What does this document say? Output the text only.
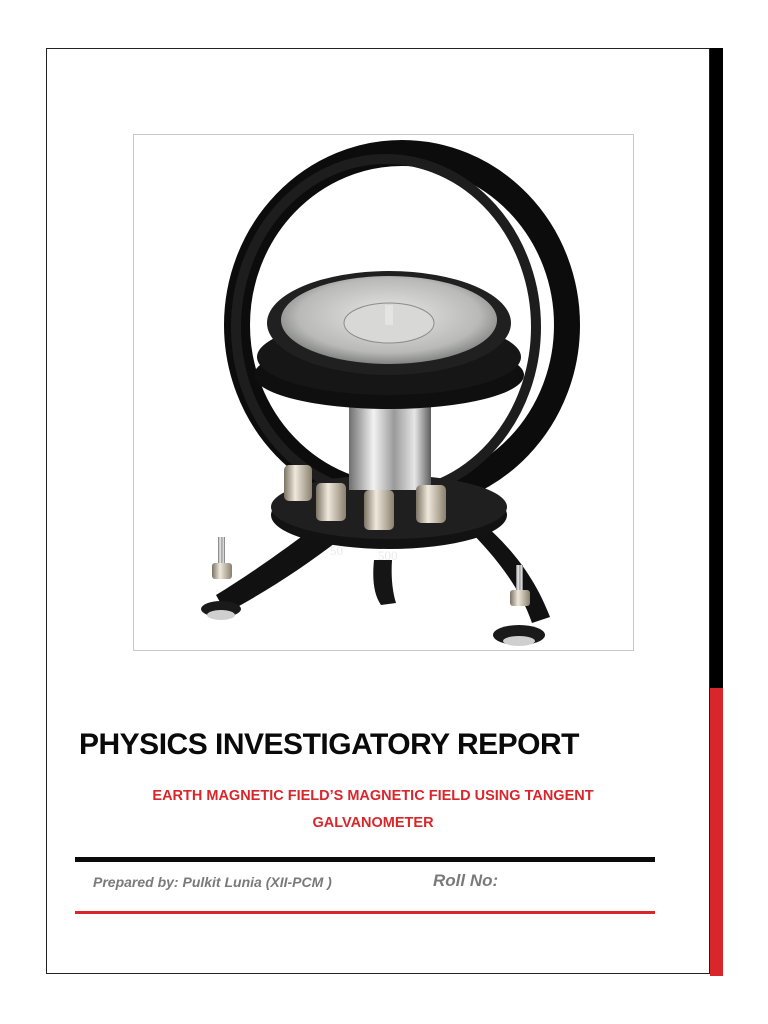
50	500
PHYSICS INVESTIGATORY REPORT

EARTH MAGNETIC FIELD’S MAGNETIC FIELD USING TANGENT GALVANOMETER

Prepared by: Pulkit Lunia (XII-PCM )	Roll No:
